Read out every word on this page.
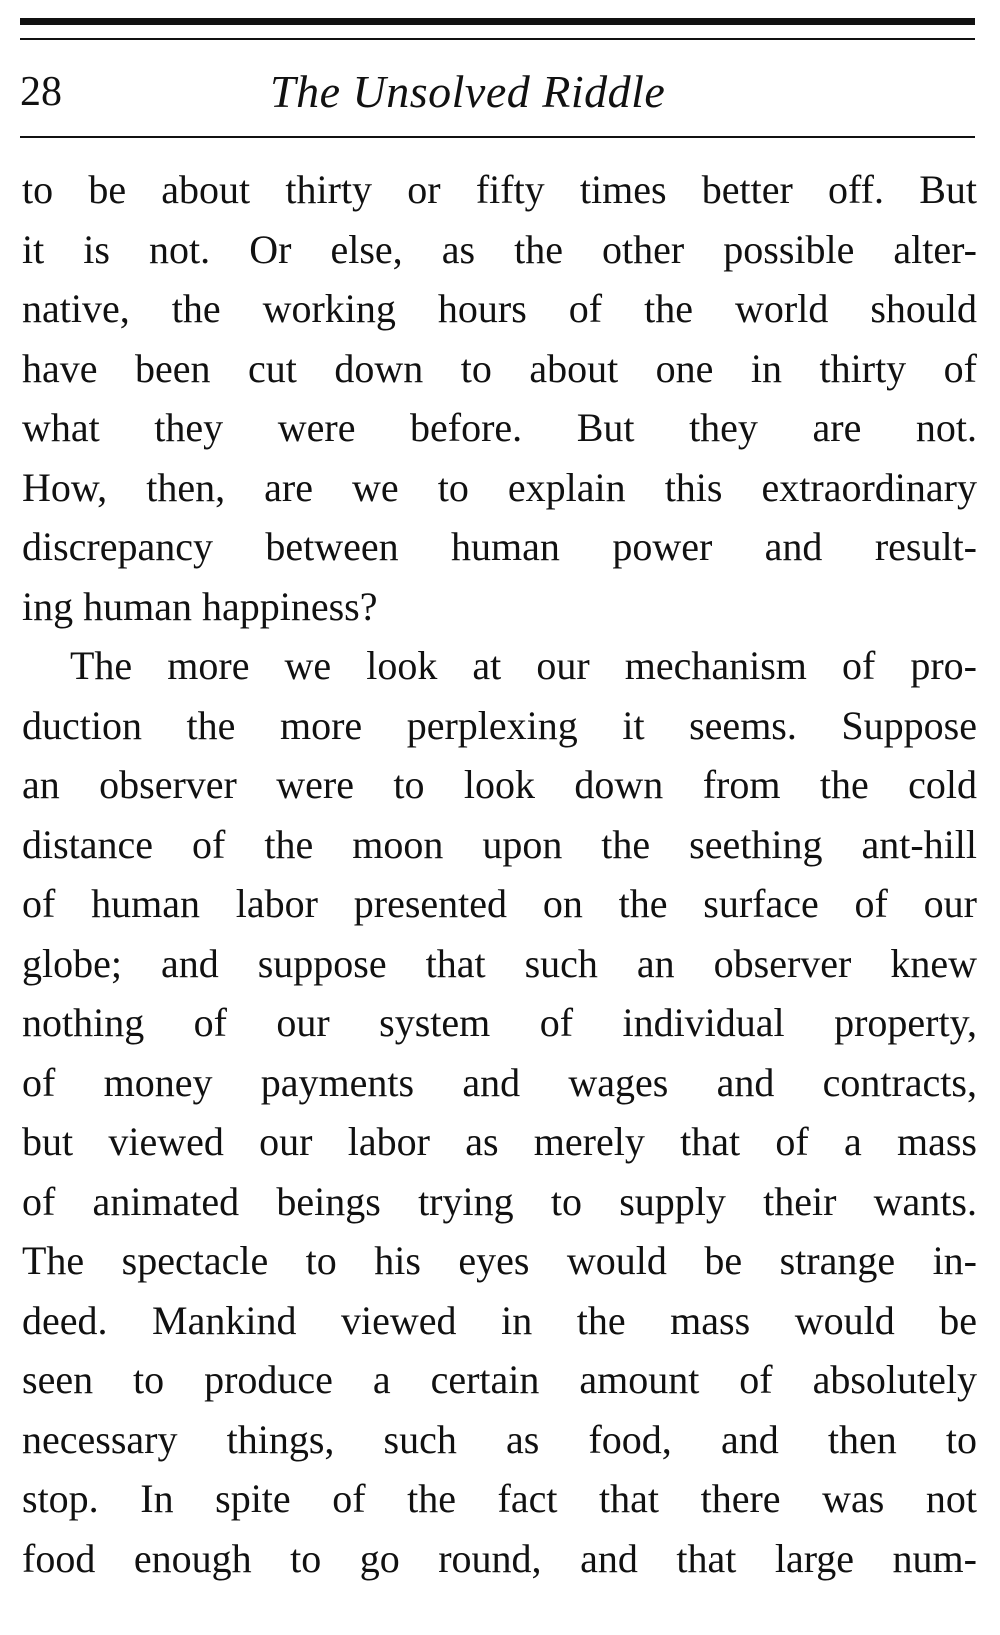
28	The Unsolved Riddle
to be about thirty or fifty times better off. But
it is not. Or else, as the other possible alter-
native, the working hours of the world should
have been cut down to about one in thirty of
what they were before. But they are not.
How, then, are we to explain this extraordinary
discrepancy between human power and result-
ing human happiness?
The more we look at our mechanism of pro-
duction the more perplexing it seems. Suppose
an observer were to look down from the cold
distance of the moon upon the seething ant-hill
of human labor presented on the surface of our
globe; and suppose that such an observer knew
nothing of our system of individual property,
of money payments and wages and contracts,
but viewed our labor as merely that of a mass
of animated beings trying to supply their wants.
The spectacle to his eyes would be strange in-
deed. Mankind viewed in the mass would be
seen to produce a certain amount of absolutely
necessary things, such as food, and then to
stop. In spite of the fact that there was not
food enough to go round, and that large num-
